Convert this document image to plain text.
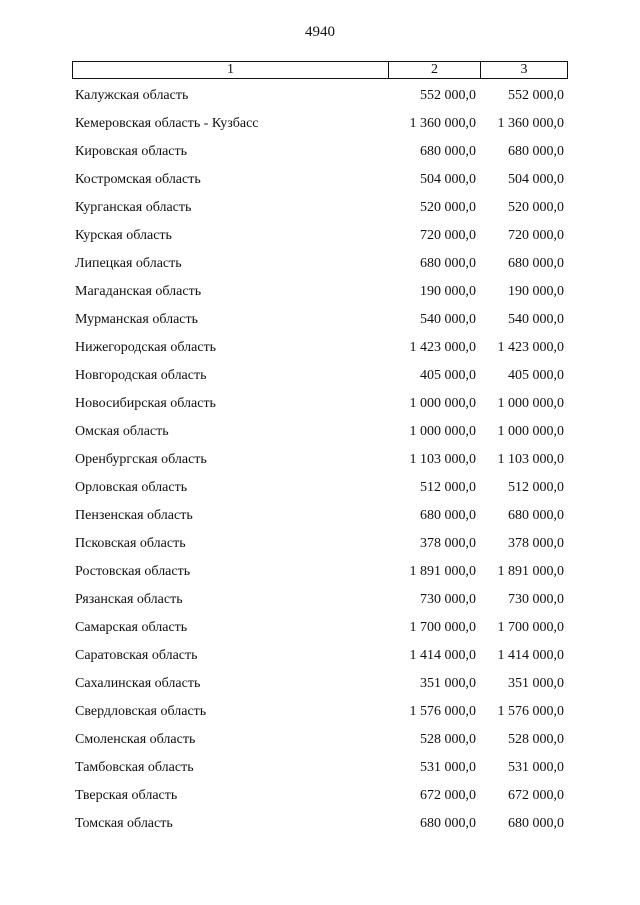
4940
1	2	3
Калужская область	552 000,0	552 000,0
Кемеровская область - Кузбасс	1 360 000,0	1 360 000,0
Кировская область	680 000,0	680 000,0
Костромская область	504 000,0	504 000,0
Курганская область	520 000,0	520 000,0
Курская область	720 000,0	720 000,0
Липецкая область	680 000,0	680 000,0
Магаданская область	190 000,0	190 000,0
Мурманская область	540 000,0	540 000,0
Нижегородская область	1 423 000,0	1 423 000,0
Новгородская область	405 000,0	405 000,0
Новосибирская область	1 000 000,0	1 000 000,0
Омская область	1 000 000,0	1 000 000,0
Оренбургская область	1 103 000,0	1 103 000,0
Орловская область	512 000,0	512 000,0
Пензенская область	680 000,0	680 000,0
Псковская область	378 000,0	378 000,0
Ростовская область	1 891 000,0	1 891 000,0
Рязанская область	730 000,0	730 000,0
Самарская область	1 700 000,0	1 700 000,0
Саратовская область	1 414 000,0	1 414 000,0
Сахалинская область	351 000,0	351 000,0
Свердловская область	1 576 000,0	1 576 000,0
Смоленская область	528 000,0	528 000,0
Тамбовская область	531 000,0	531 000,0
Тверская область	672 000,0	672 000,0
Томская область	680 000,0	680 000,0
